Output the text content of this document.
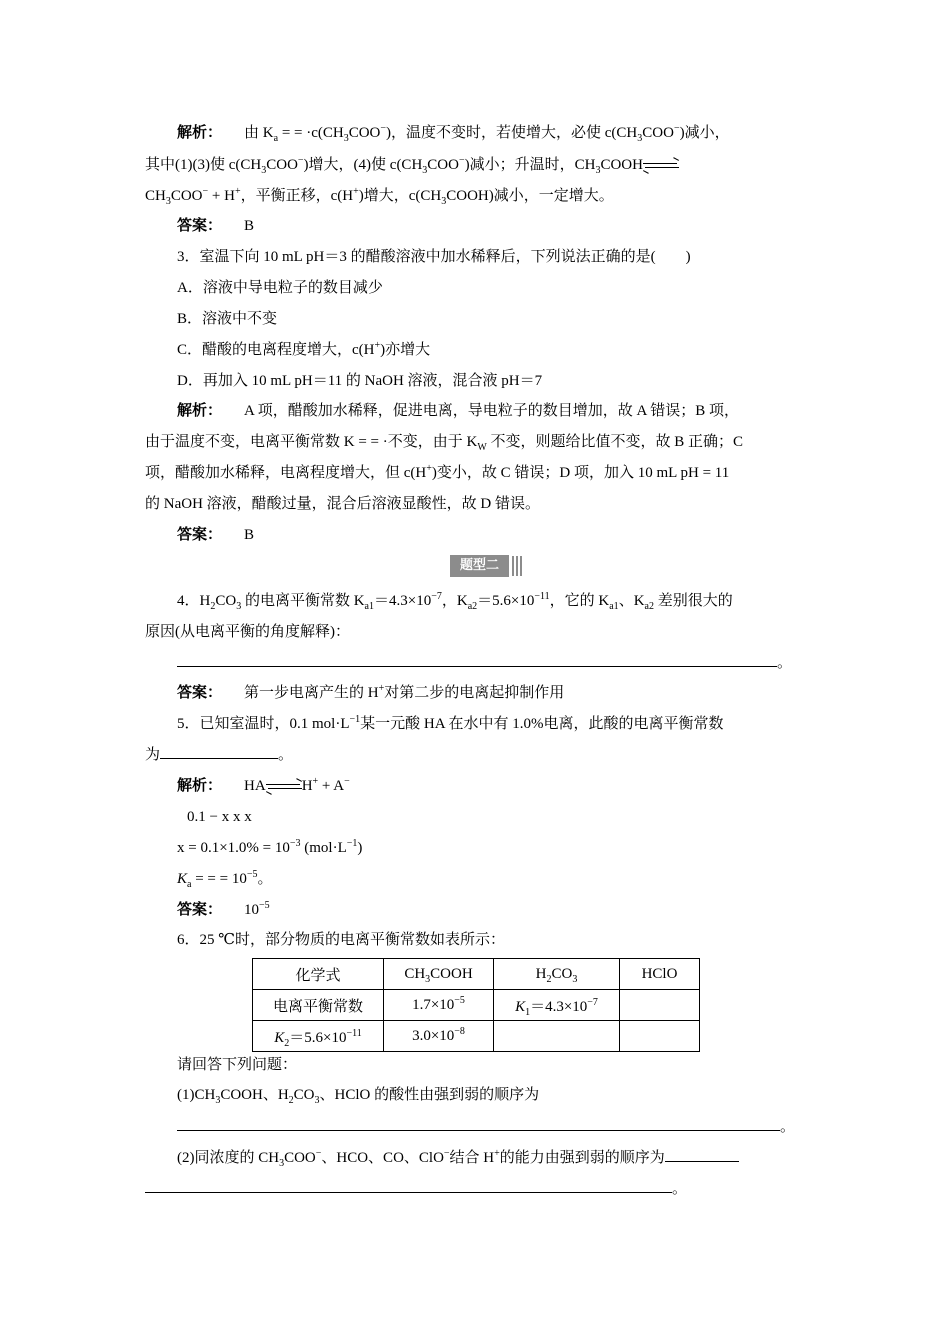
解析： 由 $K_a$ = = $\cdot c(CH_3COO^-)$，温度不变时，若使增大，必使 $c(CH_3COO^-)$减小，
其中(1)(3)使 $c(CH_3COO^-)$增大，(4)使 $c(CH_3COO^-)$减小；升温时，$CH_3COOH\to$
$CH_3COO^- + H^+$，平衡正移，c(H+)增大，$c(CH_3COOH)$减小，一定增大。
答案： B
3．室温下向 10 mL pH＝3 的醋酸溶液中加水稀释后，下列说法正确的是(　　)
A．溶液中导电粒子的数目减少
B．溶液中不变
C．醋酸的电离程度增大，c(H+)亦增大
D．再加入 10 mL pH＝11 的 NaOH 溶液，混合液 pH＝7
解析： A 项，醋酸加水稀释，促进电离，导电粒子的数目增加，故 A 错误；B 项，
由于温度不变，电离平衡常数 K = = ·不变，由于 $K_W$ 不变，则题给比值不变，故 B 正确；C
项，醋酸加水稀释，电离程度增大，但 c(H+)变小，故 C 错误；D 项，加入 10 mL pH = 11
的 NaOH 溶液，醋酸过量，混合后溶液显酸性，故 D 错误。
答案： B
题型二
4．$H_2CO_3$ 的电离平衡常数 $K_{a1}=4.3\times 10^{-7}$，$K_{a2}=5.6\times 10^{-11}$，它的 $K_{a1}$、$K_{a2}$ 差别很大的
原因(从电离平衡的角度解释)：
。
答案： 第一步电离产生的 H+对第二步的电离起抑制作用
5．已知室温时，0.1 $mol\cdot L^{-1}$某一元酸 HA 在水中有 1.0%电离，此酸的电离平衡常数
为	。
解析： HA→H+ + A−
0.1 − x x x
$x = 0.1\times 1.0\% = 10^{-3}$ $(mol\cdot L^{-1})$
$K_a$ = = = $10^{-5}$。
答案： $10^{-5}$
6．25 ℃时，部分物质的电离平衡常数如表所示：
化学式	$CH_3COOH$	$H_2CO_3$	HClO
电离平衡常数	$1.7\times 10^{-5}$	$K_1=4.3\times 10^{-7}$	
$K_2=5.6\times 10^{-11}$	$3.0\times 10^{-8}$		
请回答下列问题：
$(1)CH_3COOH$、$H_2CO_3$、HClO 的酸性由强到弱的顺序为
。
(2)同浓度的 $CH_3COO^-$、HCO、CO、ClO−结合 H+的能力由强到弱的顺序为
。
